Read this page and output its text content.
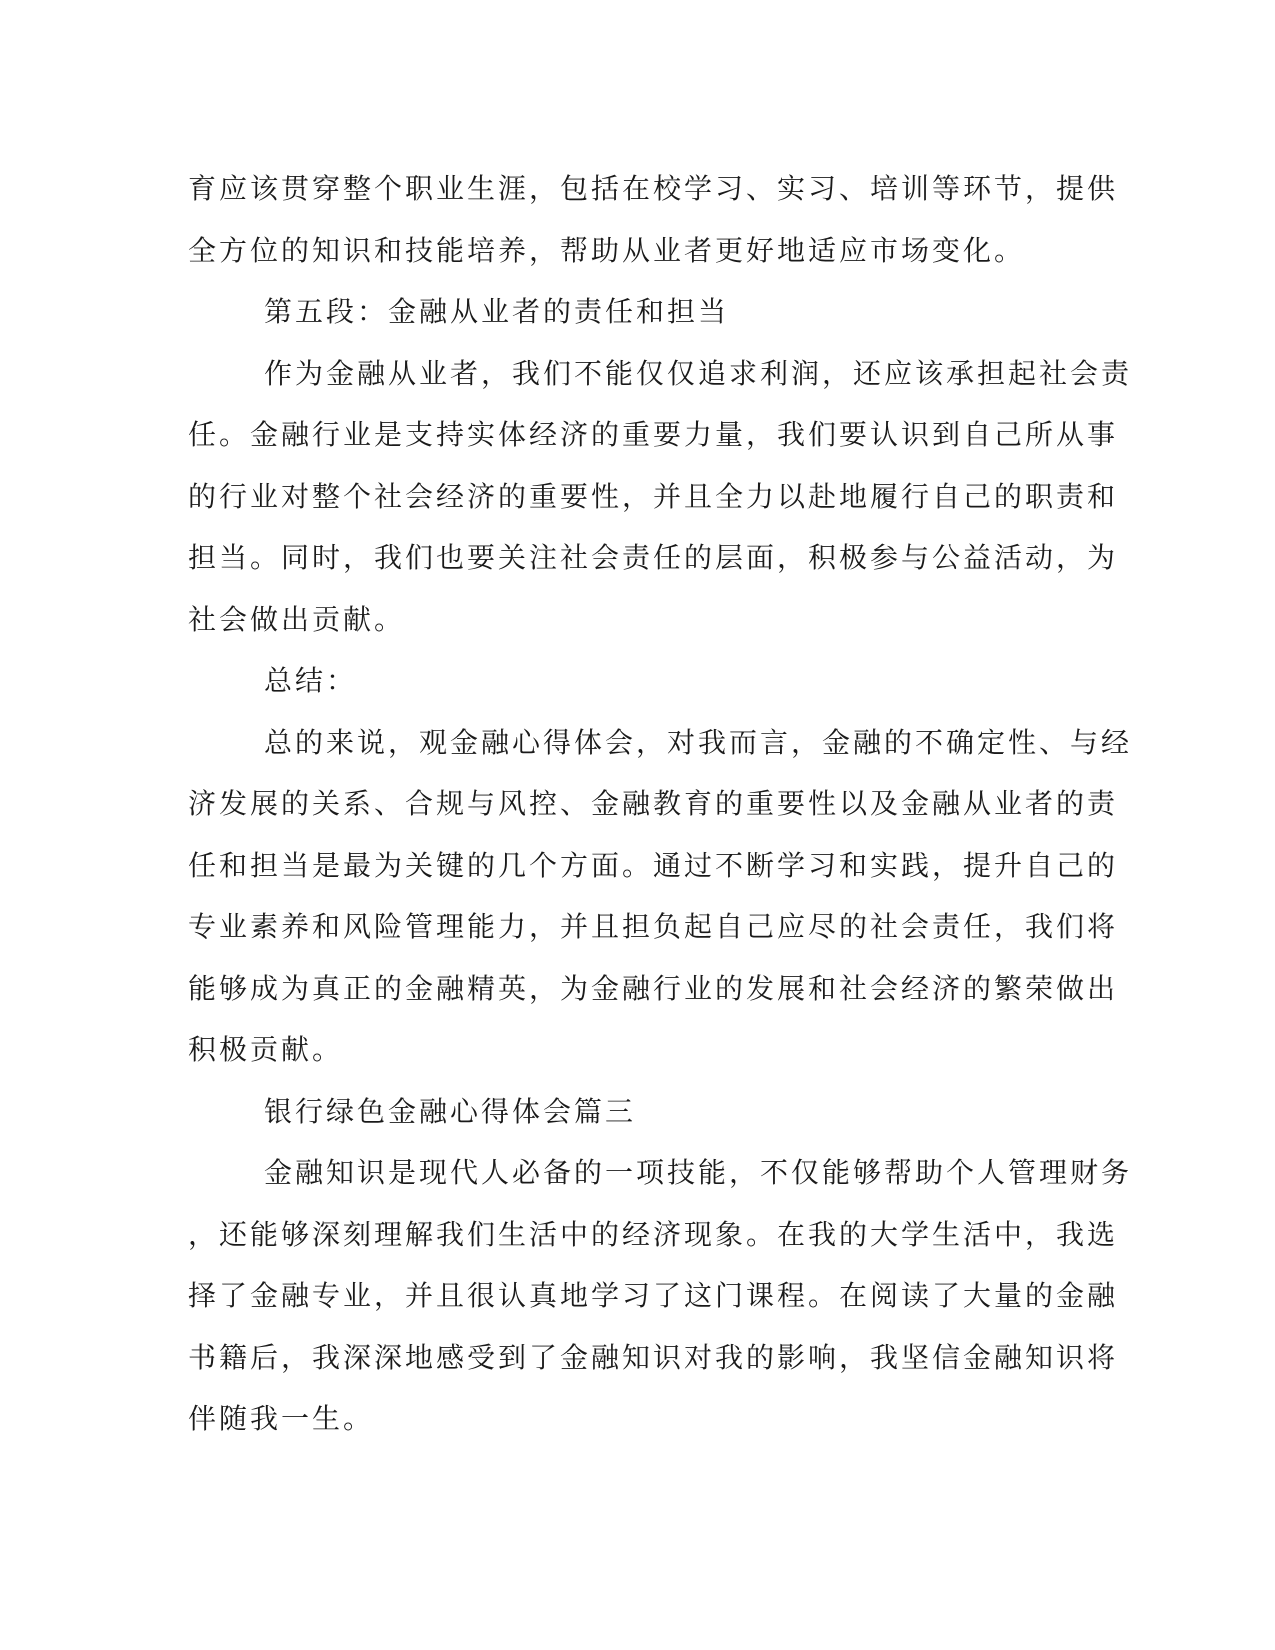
育应该贯穿整个职业生涯，包括在校学习、实习、培训等环节，提供
全方位的知识和技能培养，帮助从业者更好地适应市场变化。
第五段：金融从业者的责任和担当
作为金融从业者，我们不能仅仅追求利润，还应该承担起社会责
任。金融行业是支持实体经济的重要力量，我们要认识到自己所从事
的行业对整个社会经济的重要性，并且全力以赴地履行自己的职责和
担当。同时，我们也要关注社会责任的层面，积极参与公益活动，为
社会做出贡献。
总结：
总的来说，观金融心得体会，对我而言，金融的不确定性、与经
济发展的关系、合规与风控、金融教育的重要性以及金融从业者的责
任和担当是最为关键的几个方面。通过不断学习和实践，提升自己的
专业素养和风险管理能力，并且担负起自己应尽的社会责任，我们将
能够成为真正的金融精英，为金融行业的发展和社会经济的繁荣做出
积极贡献。
银行绿色金融心得体会篇三
金融知识是现代人必备的一项技能，不仅能够帮助个人管理财务
，还能够深刻理解我们生活中的经济现象。在我的大学生活中，我选
择了金融专业，并且很认真地学习了这门课程。在阅读了大量的金融
书籍后，我深深地感受到了金融知识对我的影响，我坚信金融知识将
伴随我一生。
